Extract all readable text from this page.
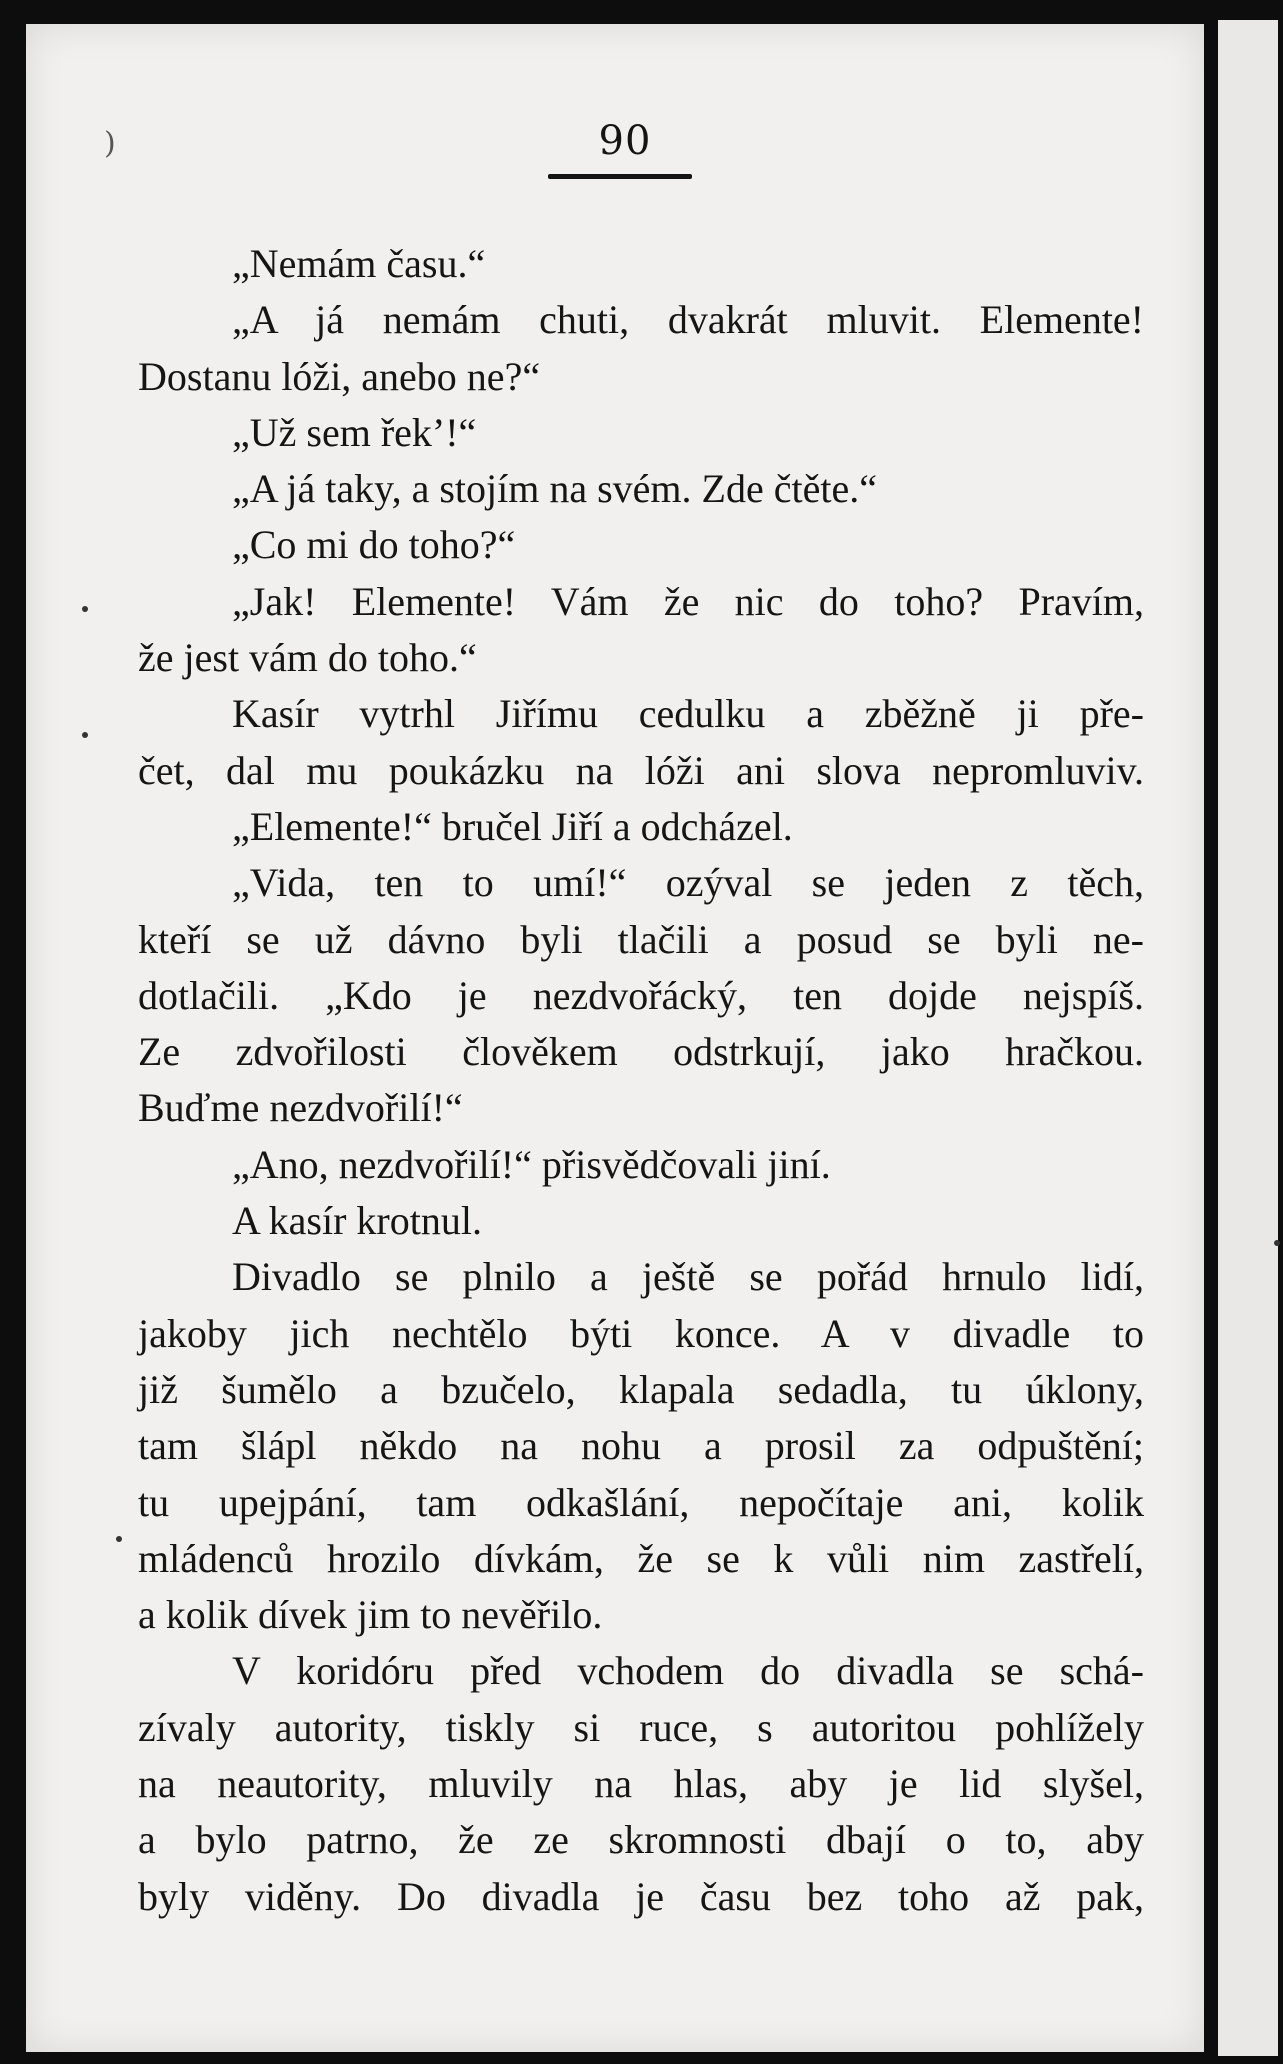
)	90
„Nemám času.“
„A já nemám chuti, dvakrát mluvit. Elemente!
Dostanu lóži, anebo ne?“
„Už sem řek’!“
„A já taky, a stojím na svém. Zde čtěte.“
„Co mi do toho?“
„Jak! Elemente! Vám že nic do toho? Pravím,
že jest vám do toho.“
Kasír vytrhl Jiřímu cedulku a zběžně ji pře-
čet, dal mu poukázku na lóži ani slova nepromluviv.
„Elemente!“ bručel Jiří a odcházel.
„Vida, ten to umí!“ ozýval se jeden z těch,
kteří se už dávno byli tlačili a posud se byli ne-
dotlačili. „Kdo je nezdvořácký, ten dojde nejspíš.
Ze zdvořilosti člověkem odstrkují, jako hračkou.
Buďme nezdvořilí!“
„Ano, nezdvořilí!“ přisvědčovali jiní.
A kasír krotnul.
Divadlo se plnilo a ještě se pořád hrnulo lidí,
jakoby jich nechtělo býti konce. A v divadle to
již šumělo a bzučelo, klapala sedadla, tu úklony,
tam šlápl někdo na nohu a prosil za odpuštění;
tu upejpání, tam odkašlání, nepočítaje ani, kolik
mládenců hrozilo dívkám, že se k vůli nim zastřelí,
a kolik dívek jim to nevěřilo.
V koridóru před vchodem do divadla se schá-
zívaly autority, tiskly si ruce, s autoritou pohlížely
na neautority, mluvily na hlas, aby je lid slyšel,
a bylo patrno, že ze skromnosti dbají o to, aby
byly viděny. Do divadla je času bez toho až pak,
